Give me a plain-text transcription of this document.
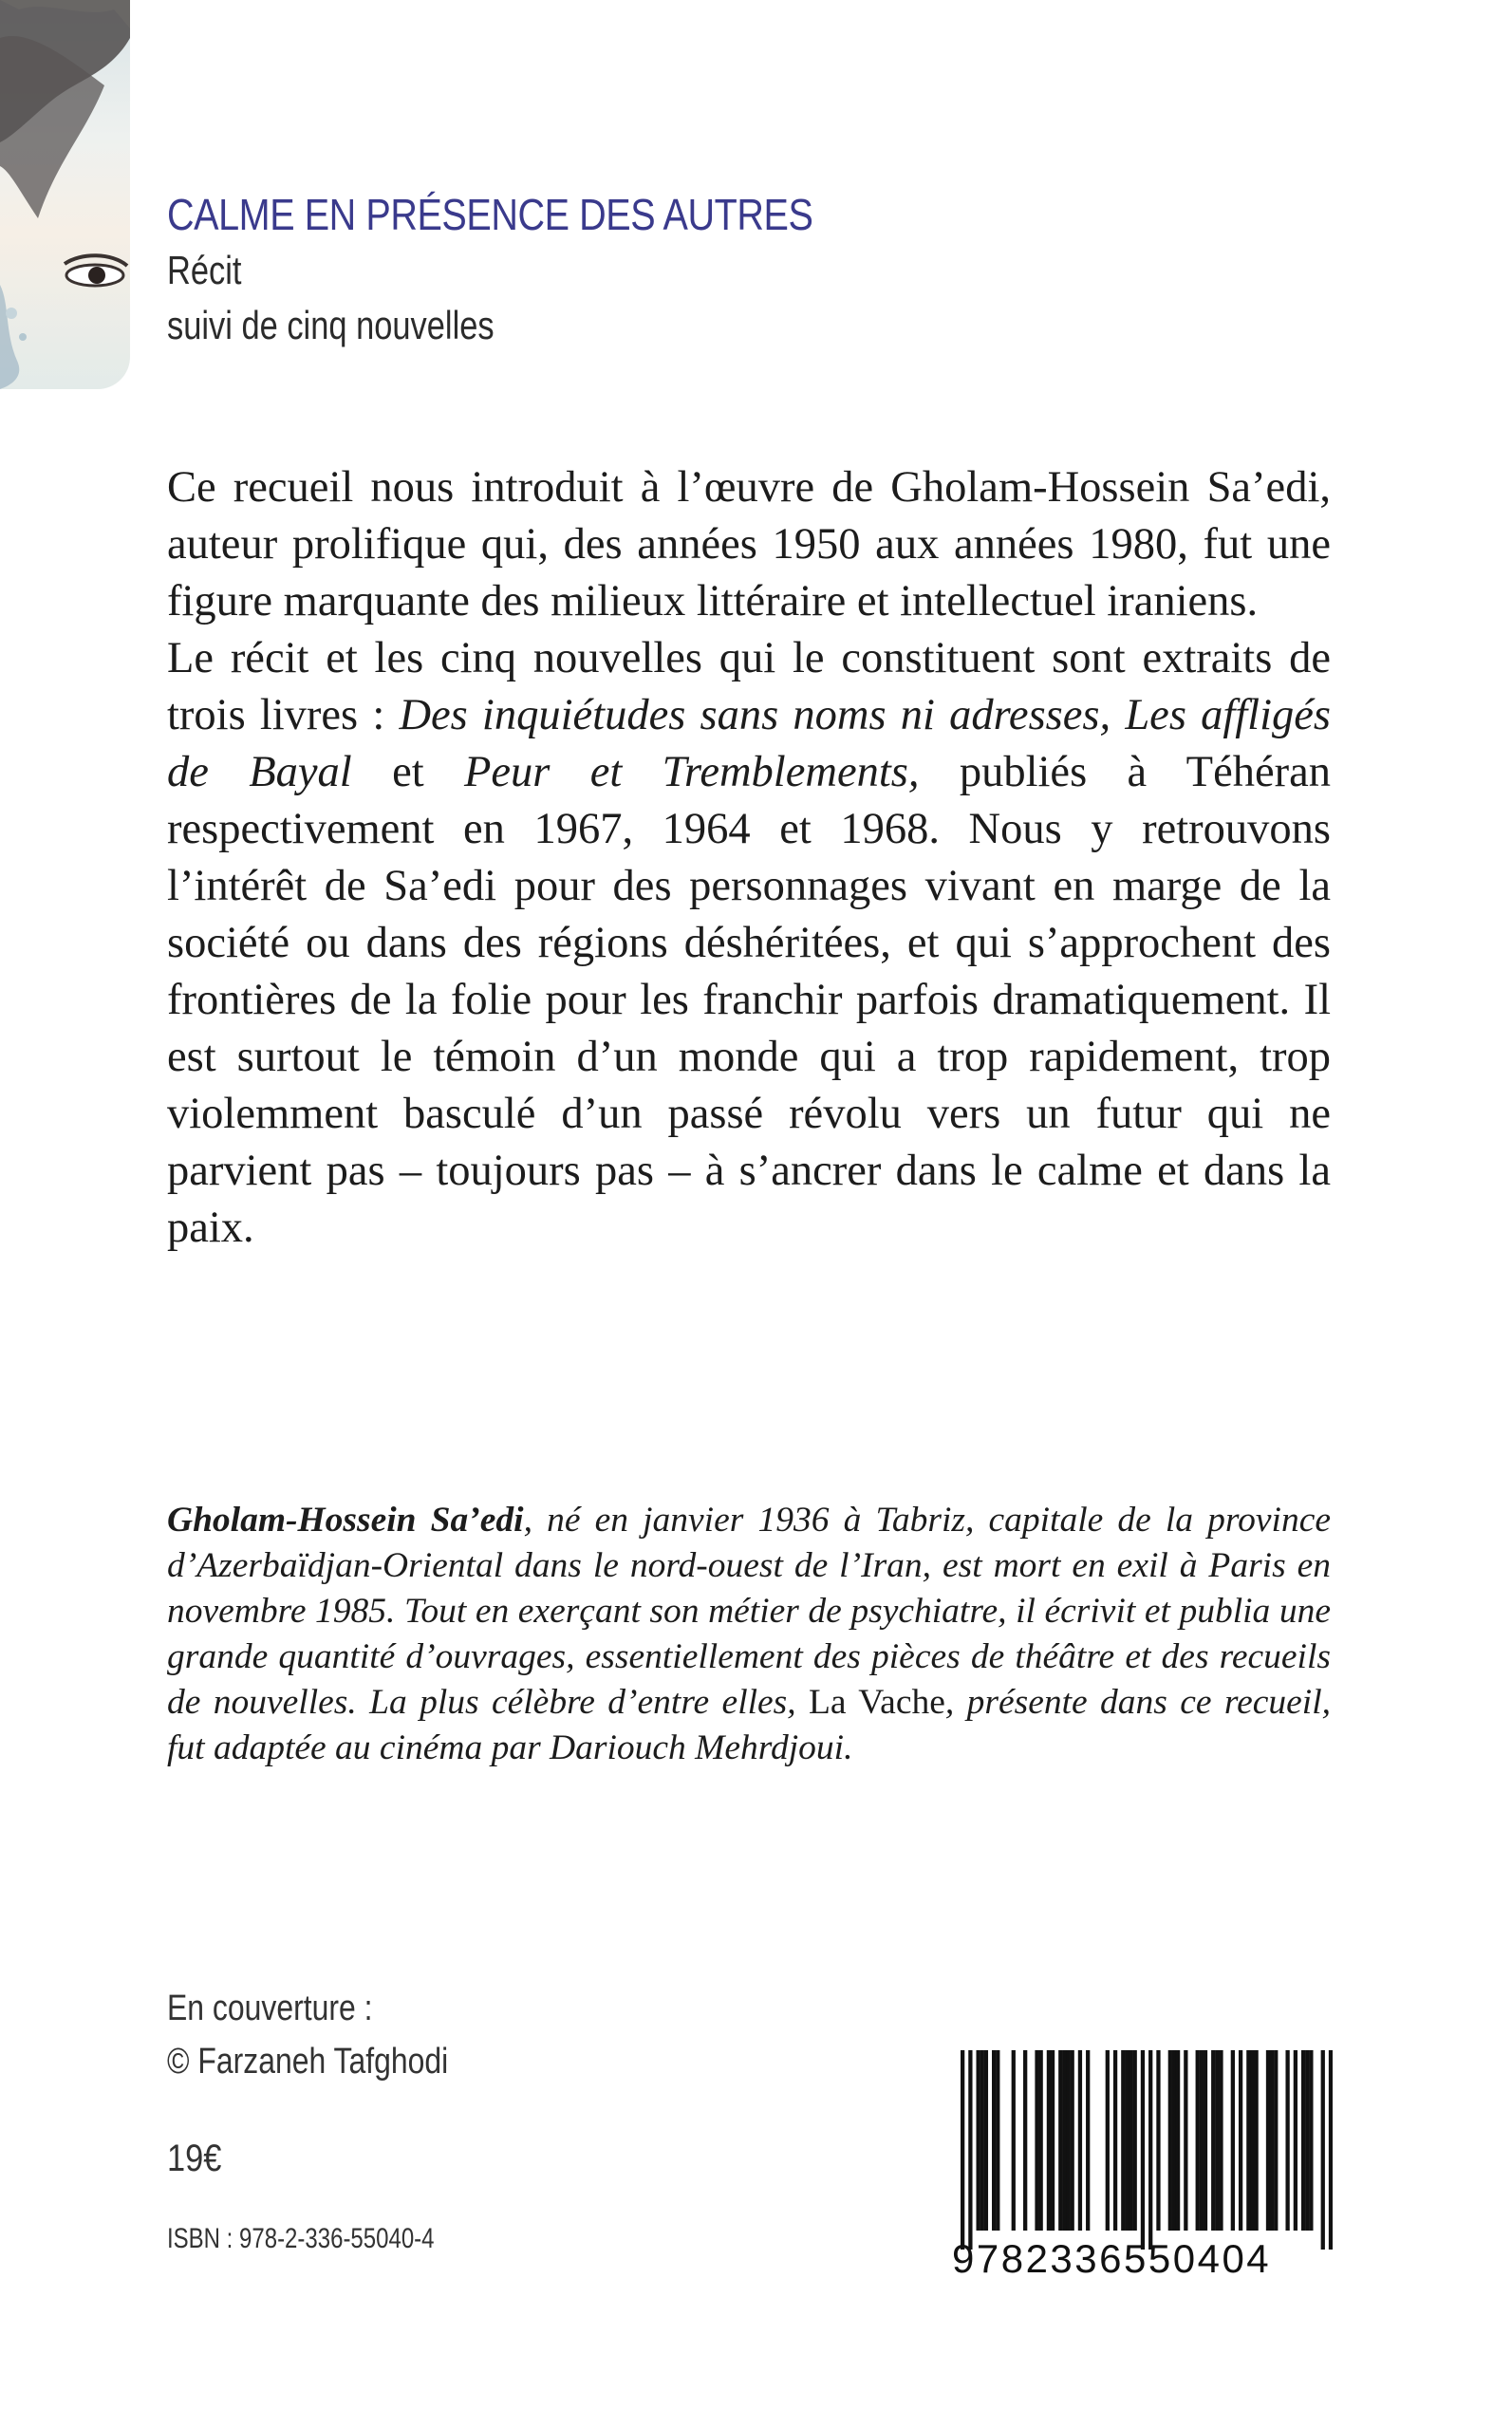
CALME EN PRÉSENCE DES AUTRES
Récit
suivi de cinq nouvelles

Ce recueil nous introduit à l’œuvre de Gholam-Hossein Sa’edi, auteur prolifique qui, des années 1950 aux années 1980, fut une figure marquante des milieux littéraire et intellectuel iraniens.

Le récit et les cinq nouvelles qui le constituent sont extraits de trois livres : Des inquiétudes sans noms ni adresses, Les affligés de Bayal et Peur et Tremblements, publiés à Téhéran respectivement en 1967, 1964 et 1968. Nous y retrouvons l’intérêt de Sa’edi pour des personnages vivant en marge de la société ou dans des régions déshéritées, et qui s’approchent des frontières de la folie pour les franchir parfois dramatiquement. Il est surtout le témoin d’un monde qui a trop rapidement, trop violemment basculé d’un passé révolu vers un futur qui ne parvient pas – toujours pas – à s’ancrer dans le calme et dans la paix.

Gholam-Hossein Sa’edi, né en janvier 1936 à Tabriz, capitale de la province d’Azerbaïdjan-Oriental dans le nord-ouest de l’Iran, est mort en exil à Paris en novembre 1985. Tout en exerçant son métier de psychiatre, il écrivit et publia une grande quantité d’ouvrages, essentiellement des pièces de théâtre et des recueils de nouvelles. La plus célèbre d’entre elles, La Vache, présente dans ce recueil, fut adaptée au cinéma par Dariouch Mehrdjoui.

En couverture :
© Farzaneh Tafghodi
19€
ISBN : 978-2-336-55040-4	9782336550404
